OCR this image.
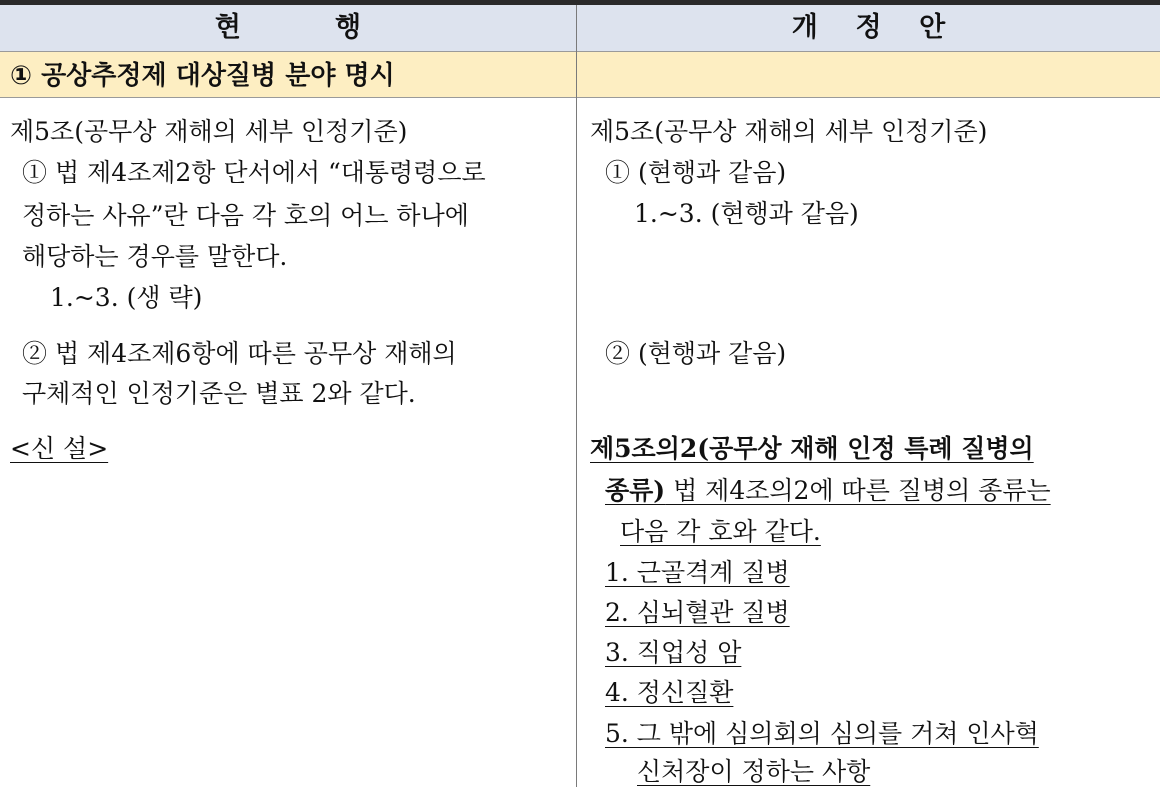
현          행	개    정    안
① 공상추정제 대상질병 분야 명시
제5조(공무상 재해의 세부 인정기준)
① 법 제4조제2항 단서에서 “대통령령으로
정하는 사유”란 다음 각 호의 어느 하나에
해당하는 경우를 말한다.
1.~3. (생 략)
② 법 제4조제6항에 따른 공무상 재해의
구체적인 인정기준은 별표 2와 같다.
<신 설>
제5조(공무상 재해의 세부 인정기준)
① (현행과 같음)
1.~3. (현행과 같음)
② (현행과 같음)
제5조의2(공무상 재해 인정 특례 질병의
종류) 법 제4조의2에 따른 질병의 종류는
다음 각 호와 같다.
1. 근골격계 질병
2. 심뇌혈관 질병
3. 직업성 암
4. 정신질환
5. 그 밖에 심의회의 심의를 거쳐 인사혁
신처장이 정하는 사항
